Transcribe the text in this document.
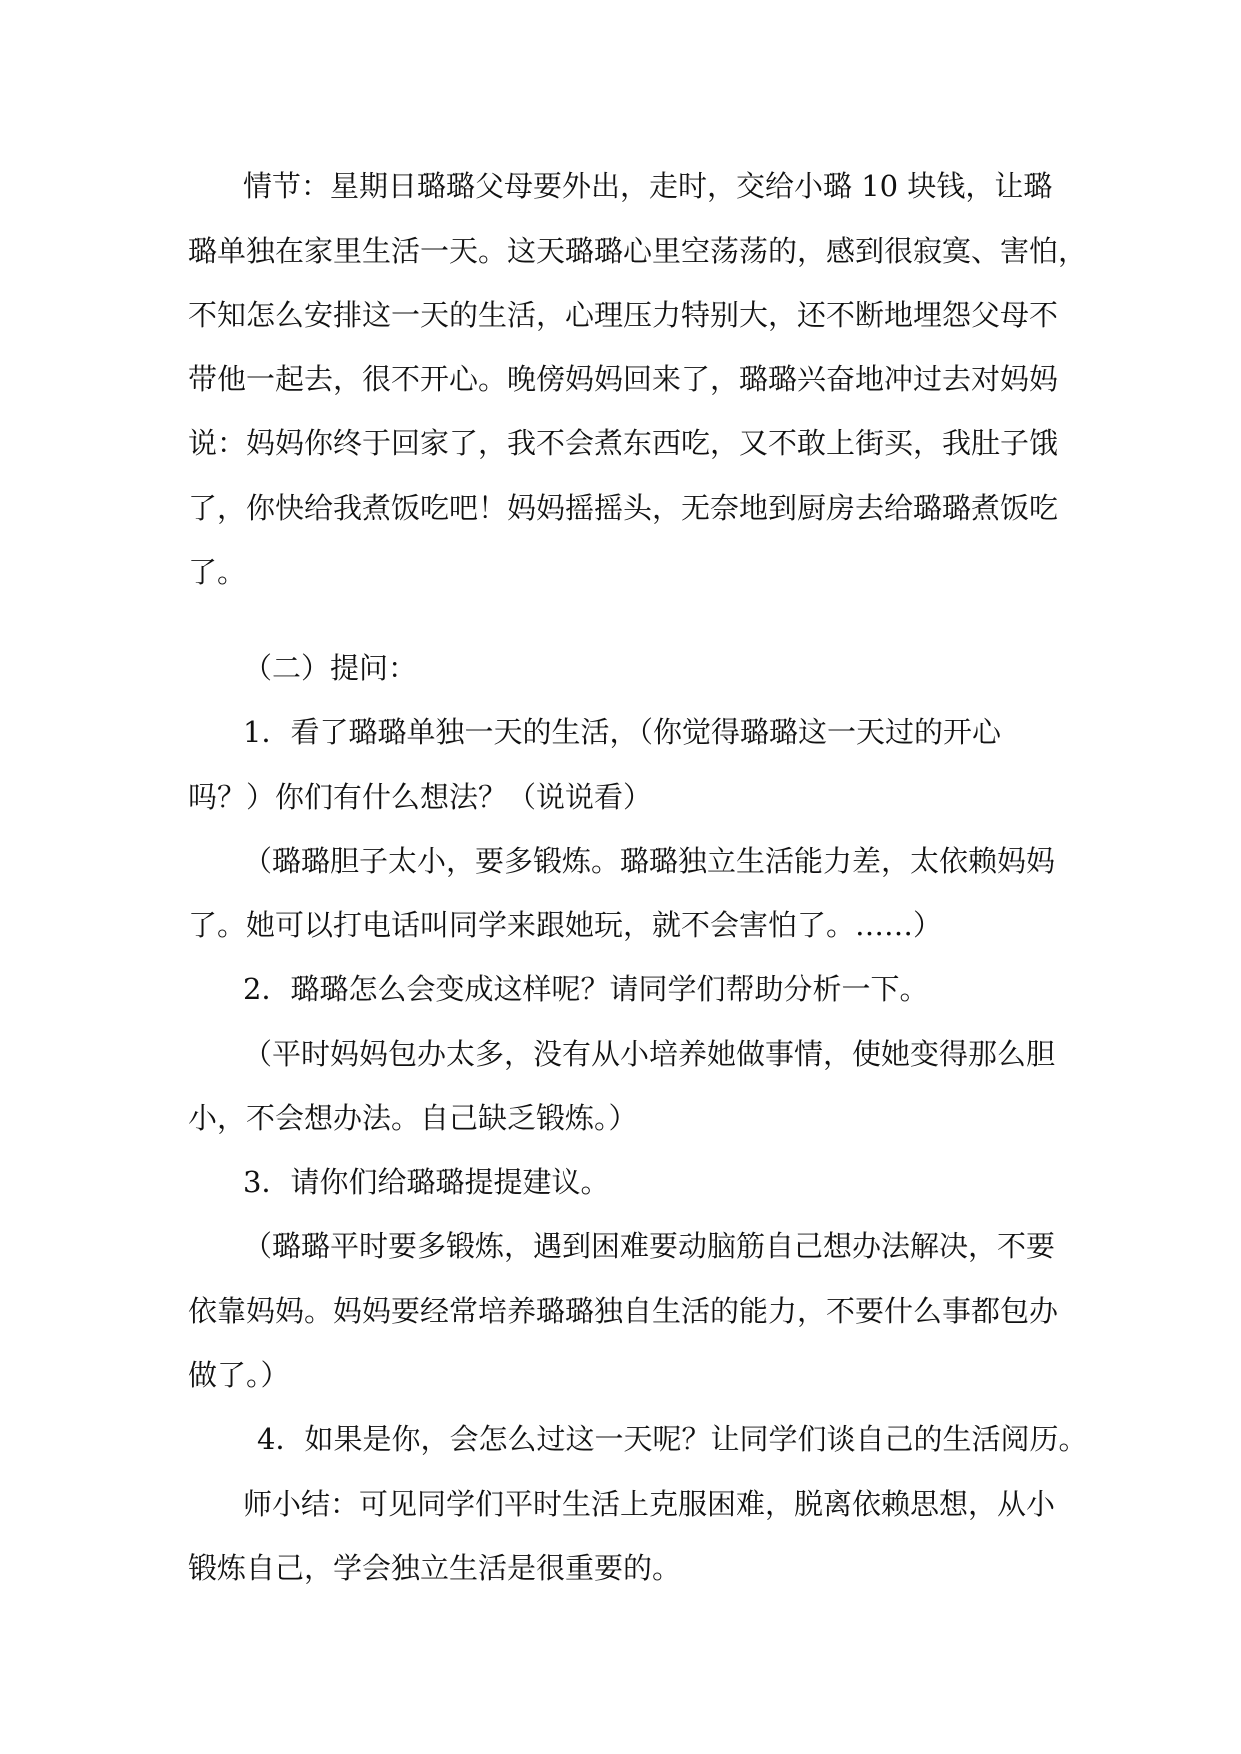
情节：星期日璐璐父母要外出，走时，交给小璐 10 块钱，让璐
璐单独在家里生活一天。这天璐璐心里空荡荡的，感到很寂寞、害怕，
不知怎么安排这一天的生活，心理压力特别大，还不断地埋怨父母不
带他一起去，很不开心。晚傍妈妈回来了，璐璐兴奋地冲过去对妈妈
说：妈妈你终于回家了，我不会煮东西吃，又不敢上街买，我肚子饿
了，你快给我煮饭吃吧！妈妈摇摇头，无奈地到厨房去给璐璐煮饭吃
了。
（二）提问：
1．看了璐璐单独一天的生活，（你觉得璐璐这一天过的开心
吗？）你们有什么想法？（说说看）
（璐璐胆子太小，要多锻炼。璐璐独立生活能力差，太依赖妈妈
了。她可以打电话叫同学来跟她玩，就不会害怕了。……）
2．璐璐怎么会变成这样呢？请同学们帮助分析一下。
（平时妈妈包办太多，没有从小培养她做事情，使她变得那么胆
小，不会想办法。自己缺乏锻炼。）
3．请你们给璐璐提提建议。
（璐璐平时要多锻炼，遇到困难要动脑筋自己想办法解决，不要
依靠妈妈。妈妈要经常培养璐璐独自生活的能力，不要什么事都包办
做了。）
4．如果是你，会怎么过这一天呢？让同学们谈自己的生活阅历。
师小结：可见同学们平时生活上克服困难，脱离依赖思想，从小
锻炼自己，学会独立生活是很重要的。
